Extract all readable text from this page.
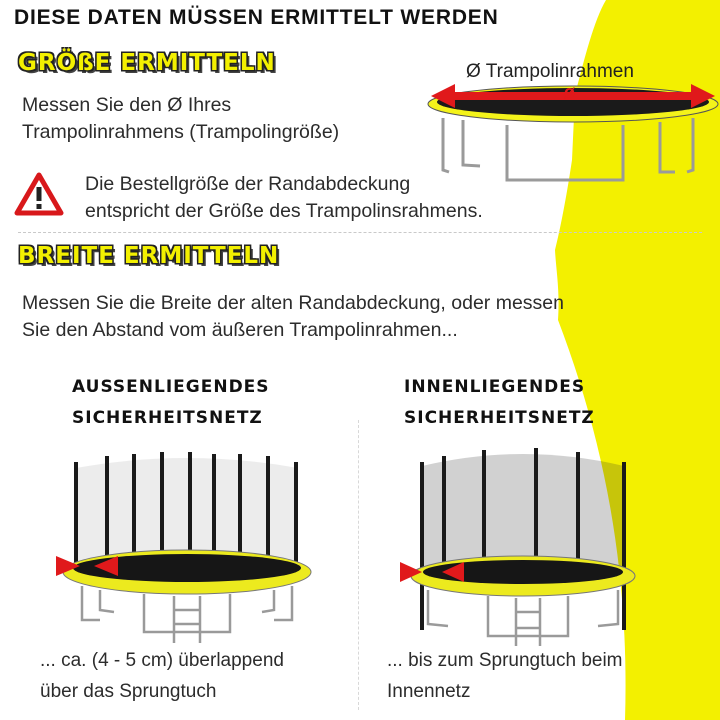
DIESE DATEN MÜSSEN ERMITTELT WERDEN
GRÖßE ERMITTELN
Messen Sie den Ø Ihres
Trampolinrahmens (Trampolingröße)
Ø Trampolinrahmen
ø
Die Bestellgröße der Randabdeckung
entspricht der Größe des Trampolinsrahmens.
BREITE ERMITTELN
Messen Sie die Breite der alten Randabdeckung, oder messen
Sie den Abstand vom äußeren Trampolinrahmen...
AUSSENLIEGENDES
SICHERHEITSNETZ
INNENLIEGENDES
SICHERHEITSNETZ
... ca. (4 - 5 cm) überlappend
über das Sprungtuch
... bis zum Sprungtuch beim
Innennetz
